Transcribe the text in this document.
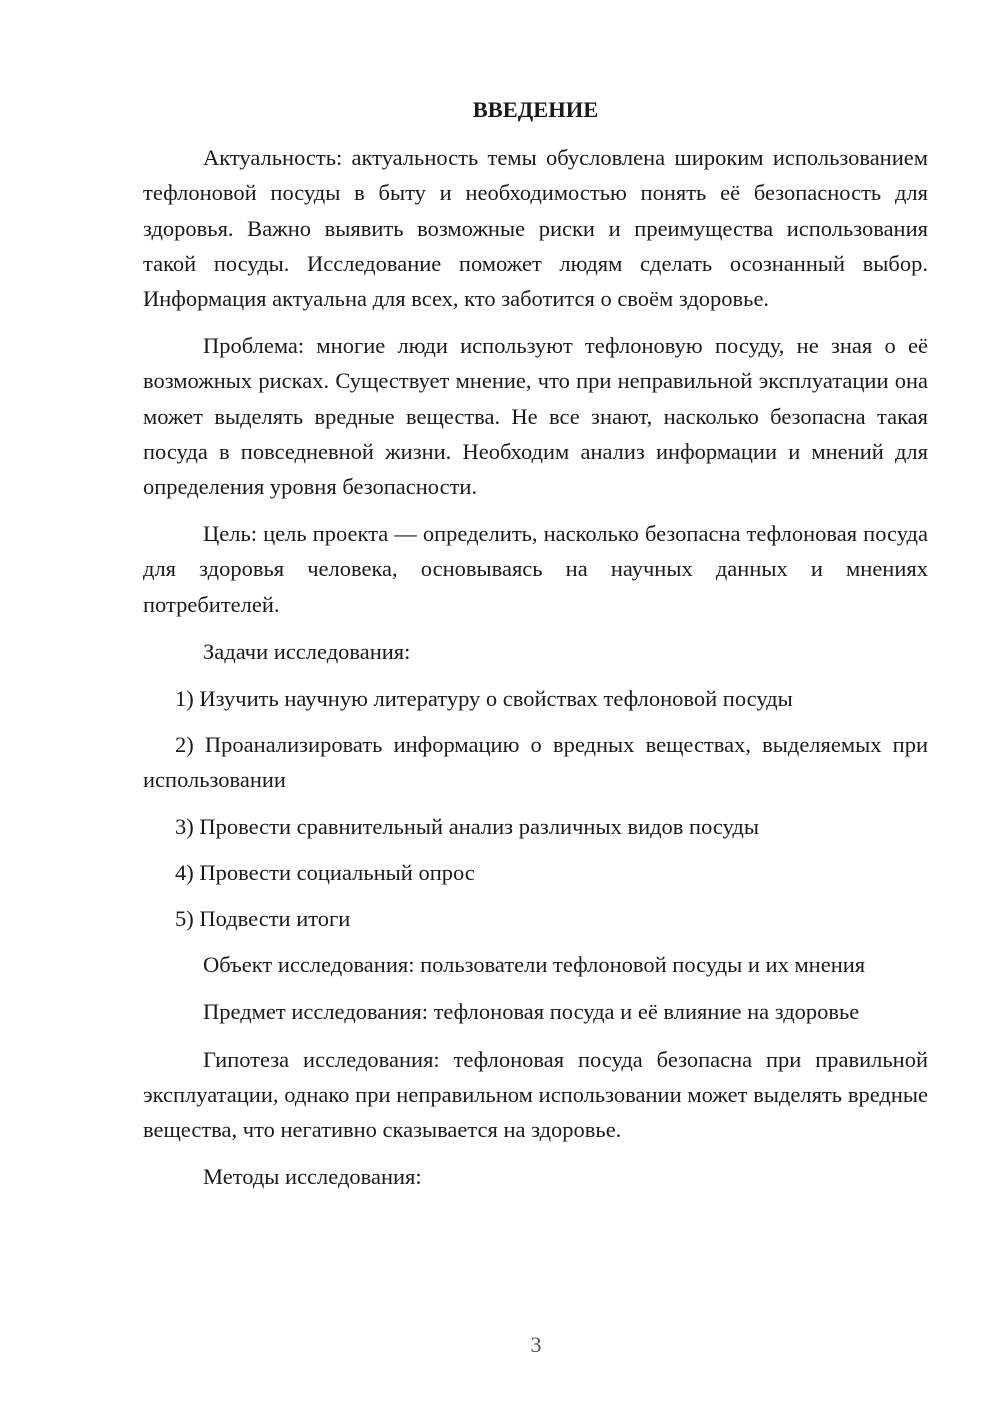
ВВЕДЕНИЕ

Актуальность: актуальность темы обусловлена широким использованием тефлоновой посуды в быту и необходимостью понять её безопасность для здоровья. Важно выявить возможные риски и преимущества использования такой посуды. Исследование поможет людям сделать осознанный выбор. Информация актуальна для всех, кто заботится о своём здоровье.

Проблема: многие люди используют тефлоновую посуду, не зная о её возможных рисках. Существует мнение, что при неправильной эксплуатации она может выделять вредные вещества. Не все знают, насколько безопасна такая посуда в повседневной жизни. Необходим анализ информации и мнений для определения уровня безопасности.

Цель: цель проекта — определить, насколько безопасна тефлоновая посуда для здоровья человека, основываясь на научных данных и мнениях потребителей.

Задачи исследования:

1) Изучить научную литературу о свойствах тефлоновой посуды

2) Проанализировать информацию о вредных веществах, выделяемых при использовании

3) Провести сравнительный анализ различных видов посуды

4) Провести социальный опрос

5) Подвести итоги

Объект исследования: пользователи тефлоновой посуды и их мнения

Предмет исследования: тефлоновая посуда и её влияние на здоровье

Гипотеза исследования: тефлоновая посуда безопасна при правильной эксплуатации, однако при неправильном использовании может выделять вредные вещества, что негативно сказывается на здоровье.

Методы исследования:

3
